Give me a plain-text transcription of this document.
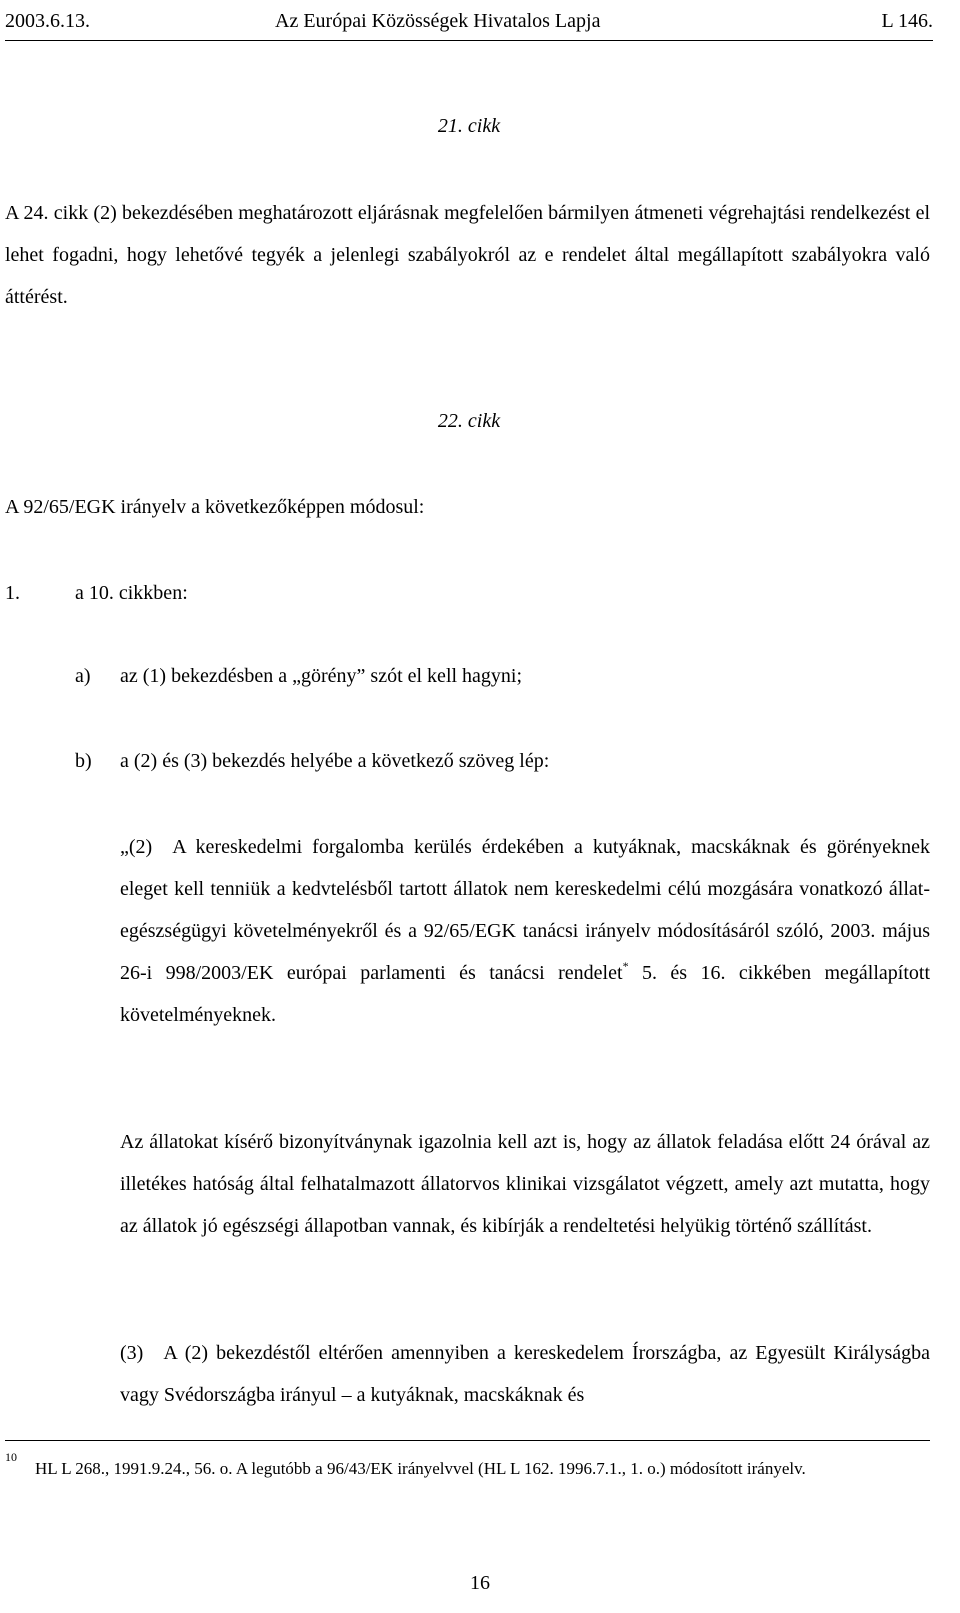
2003.6.13.	Az Európai Közösségek Hivatalos Lapja	L 146.
21. cikk
A 24. cikk (2) bekezdésében meghatározott eljárásnak megfelelően bármilyen átmeneti végrehajtási rendelkezést el lehet fogadni, hogy lehetővé tegyék a jelenlegi szabályokról az e rendelet által megállapított szabályokra való áttérést.
22. cikk
A 92/65/EGK irányelv a következőképpen módosul:
1.	a 10. cikkben:
a) az (1) bekezdésben a „görény” szót el kell hagyni;
b) a (2) és (3) bekezdés helyébe a következő szöveg lép:
„(2) A kereskedelmi forgalomba kerülés érdekében a kutyáknak, macskáknak és görényeknek eleget kell tenniük a kedvtelésből tartott állatok nem kereskedelmi célú mozgására vonatkozó állat-egészségügyi követelményekről és a 92/65/EGK tanácsi irányelv módosításáról szóló, 2003. május 26-i 998/2003/EK európai parlamenti és tanácsi rendelet* 5. és 16. cikkében megállapított követelményeknek.
Az állatokat kísérő bizonyítványnak igazolnia kell azt is, hogy az állatok feladása előtt 24 órával az illetékes hatóság által felhatalmazott állatorvos klinikai vizsgálatot végzett, amely azt mutatta, hogy az állatok jó egészségi állapotban vannak, és kibírják a rendeltetési helyükig történő szállítást.
(3) A (2) bekezdéstől eltérően amennyiben a kereskedelem Írországba, az Egyesült Királyságba vagy Svédországba irányul – a kutyáknak, macskáknak és
10
HL L 268., 1991.9.24., 56. o. A legutóbb a 96/43/EK irányelvvel (HL L 162. 1996.7.1., 1. o.) módosított irányelv.
16
